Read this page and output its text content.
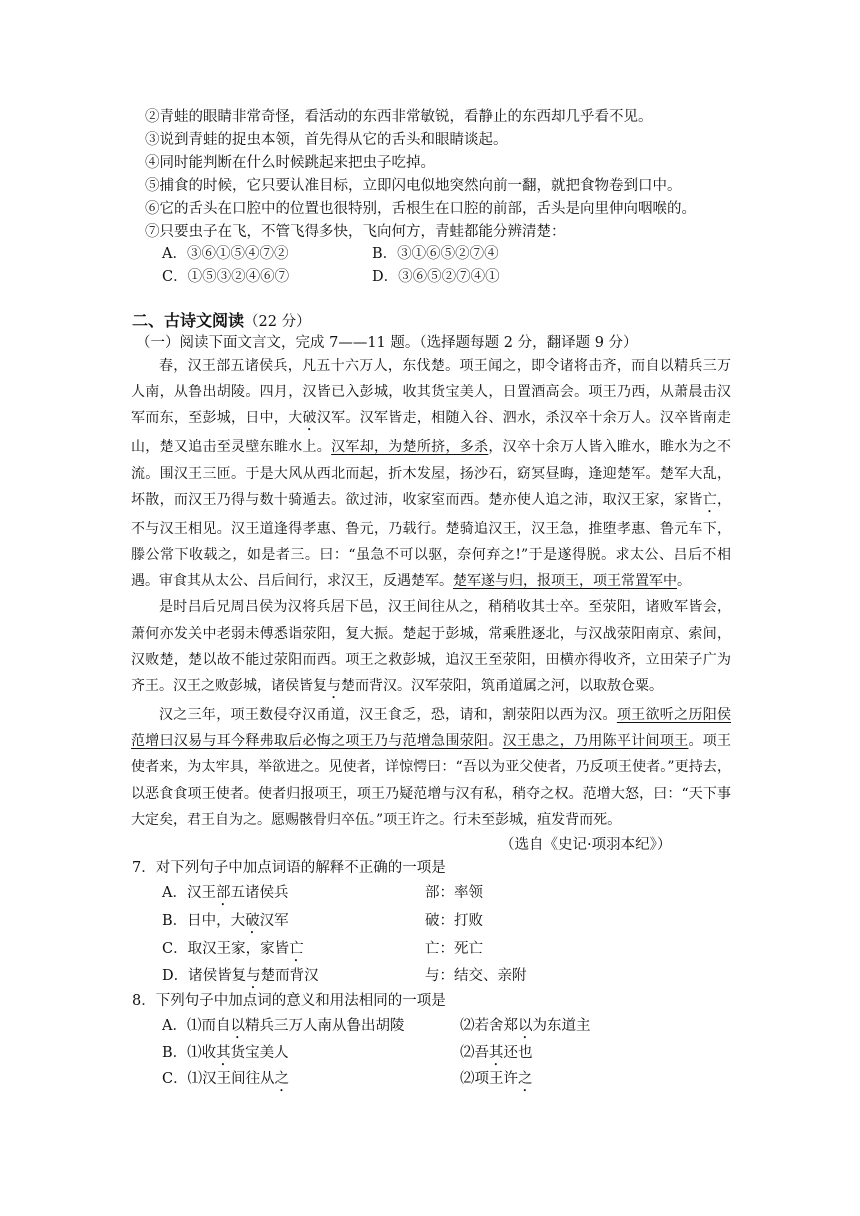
②青蛙的眼睛非常奇怪，看活动的东西非常敏锐，看静止的东西却几乎看不见。
③说到青蛙的捉虫本领，首先得从它的舌头和眼睛谈起。
④同时能判断在什么时候跳起来把虫子吃掉。
⑤捕食的时候，它只要认准目标，立即闪电似地突然向前一翻，就把食物卷到口中。
⑥它的舌头在口腔中的位置也很特别，舌根生在口腔的前部，舌头是向里伸向咽喉的。
⑦只要虫子在飞，不管飞得多快，飞向何方，青蛙都能分辨清楚：
A．③⑥①⑤④⑦②	B．③①⑥⑤②⑦④
C．①⑤③②④⑥⑦	D．③⑥⑤②⑦④①
二、古诗文阅读（22 分）
（一）阅读下面文言文，完成 7——11 题。（选择题每题 2 分，翻译题 9 分）

春，汉王部五诸侯兵，凡五十六万人，东伐楚。项王闻之，即令诸将击齐，而自以精兵三万人南，从鲁出胡陵。四月，汉皆已入彭城，收其货宝美人，日置酒高会。项王乃西，从萧晨击汉军而东，至彭城，日中，大破汉军。汉军皆走，相随入谷、泗水，杀汉卒十余万人。汉卒皆南走山，楚又追击至灵壁东睢水上。汉军却，为楚所挤，多杀，汉卒十余万人皆入睢水，睢水为之不流。围汉王三匝。于是大风从西北而起，折木发屋，扬沙石，窈冥昼晦，逢迎楚军。楚军大乱，坏散，而汉王乃得与数十骑遁去。欲过沛，收家室而西。楚亦使人追之沛，取汉王家，家皆亡，不与汉王相见。汉王道逢得孝惠、鲁元，乃载行。楚骑追汉王，汉王急，推堕孝惠、鲁元车下，滕公常下收载之，如是者三。曰：“虽急不可以驱，奈何弃之!”于是遂得脱。求太公、吕后不相遇。审食其从太公、吕后间行，求汉王，反遇楚军。楚军遂与归，报项王，项王常置军中。

是时吕后兄周吕侯为汉将兵居下邑，汉王间往从之，稍稍收其士卒。至荥阳，诸败军皆会，萧何亦发关中老弱未傅悉诣荥阳，复大振。楚起于彭城，常乘胜逐北，与汉战荥阳南京、索间，汉败楚，楚以故不能过荥阳而西。项王之救彭城，追汉王至荥阳，田横亦得收齐，立田荣子广为齐王。汉王之败彭城，诸侯皆复与楚而背汉。汉军荥阳，筑甬道属之河，以取敖仓粟。

汉之三年，项王数侵夺汉甬道，汉王食乏，恐，请和，割荥阳以西为汉。项王欲听之历阳侯范增曰汉易与耳今释弗取后必悔之项王乃与范增急围荥阳。汉王患之，乃用陈平计间项王。项王使者来，为太牢具，举欲进之。见使者，详惊愕曰：“吾以为亚父使者，乃反项王使者。”更持去，以恶食食项王使者。使者归报项王，项王乃疑范增与汉有私，稍夺之权。范增大怒，曰：“天下事大定矣，君王自为之。愿赐骸骨归卒伍。”项王许之。行未至彭城，疽发背而死。

（选自《史记·项羽本纪》）
7．对下列句子中加点词语的解释不正确的一项是
A．汉王部五诸侯兵	部：率领
B．日中，大破汉军	破：打败
C．取汉王家，家皆亡	亡：死亡
D．诸侯皆复与楚而背汉	与：结交、亲附
8．下列句子中加点词的意义和用法相同的一项是
A．⑴而自以精兵三万人南从鲁出胡陵	⑵若舍郑以为东道主
B．⑴收其货宝美人	⑵吾其还也
C．⑴汉王间往从之	⑵项王许之
